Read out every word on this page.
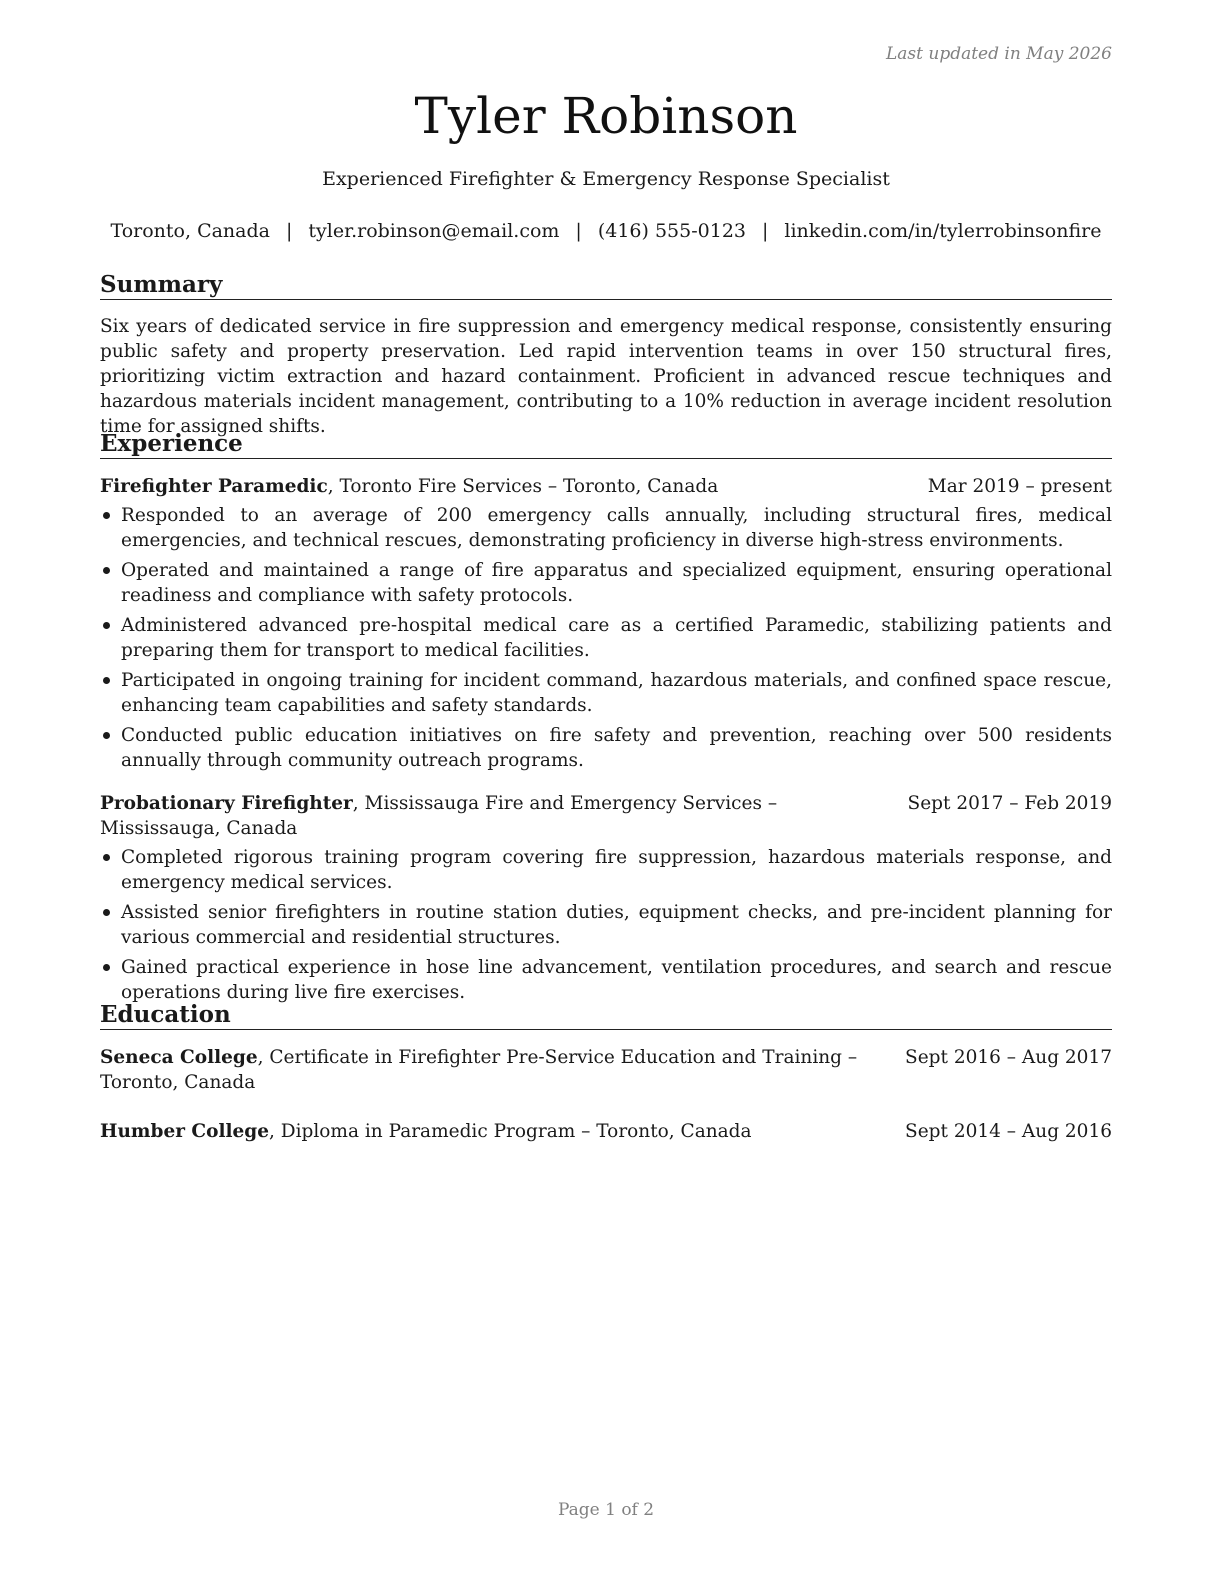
Last updated in May 2026
Tyler Robinson
Experienced Firefighter & Emergency Response Specialist
Toronto, Canada | tyler.robinson@email.com | (416) 555-0123 | linkedin.com/in/tylerrobinsonfire
Summary
Six years of dedicated service in fire suppression and emergency medical response, consistently ensuring public safety and property preservation. Led rapid intervention teams in over 150 structural fires, prioritizing victim extraction and hazard containment. Proficient in advanced rescue techniques and hazardous materials incident management, contributing to a 10% reduction in average incident resolution time for assigned shifts.
Experience
Firefighter Paramedic, Toronto Fire Services – Toronto, Canada	Mar 2019 – present
Responded to an average of 200 emergency calls annually, including structural fires, medical emergencies, and technical rescues, demonstrating proficiency in diverse high-stress environments.
Operated and maintained a range of fire apparatus and specialized equipment, ensuring operational readiness and compliance with safety protocols.
Administered advanced pre-hospital medical care as a certified Paramedic, stabilizing patients and preparing them for transport to medical facilities.
Participated in ongoing training for incident command, hazardous materials, and confined space rescue, enhancing team capabilities and safety standards.
Conducted public education initiatives on fire safety and prevention, reaching over 500 residents annually through community outreach programs.
Probationary Firefighter, Mississauga Fire and Emergency Services – Mississauga, Canada
Sept 2017 – Feb 2019
Completed rigorous training program covering fire suppression, hazardous materials response, and emergency medical services.
Assisted senior firefighters in routine station duties, equipment checks, and pre-incident planning for various commercial and residential structures.
Gained practical experience in hose line advancement, ventilation procedures, and search and rescue operations during live fire exercises.
Education
Seneca College, Certificate in Firefighter Pre-Service Education and Training – Toronto, Canada
Sept 2016 – Aug 2017
Humber College, Diploma in Paramedic Program – Toronto, Canada	Sept 2014 – Aug 2016
Page 1 of 2
